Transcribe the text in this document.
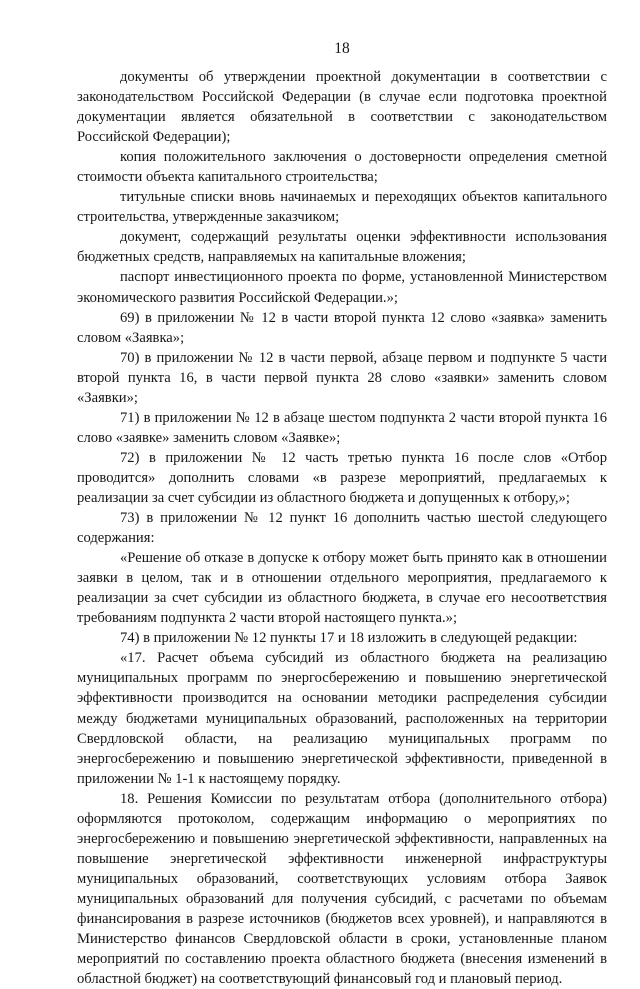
18

документы об утверждении проектной документации в соответствии с законодательством Российской Федерации (в случае если подготовка проектной документации является обязательной в соответствии с законодательством Российской Федерации);

копия положительного заключения о достоверности определения сметной стоимости объекта капитального строительства;

титульные списки вновь начинаемых и переходящих объектов капитального строительства, утвержденные заказчиком;

документ, содержащий результаты оценки эффективности использования бюджетных средств, направляемых на капитальные вложения;

паспорт инвестиционного проекта по форме, установленной Министерством экономического развития Российской Федерации.»;

69) в приложении № 12 в части второй пункта 12 слово «заявка» заменить словом «Заявка»;

70) в приложении № 12 в части первой, абзаце первом и подпункте 5 части второй пункта 16, в части первой пункта 28 слово «заявки» заменить словом «Заявки»;

71) в приложении № 12 в абзаце шестом подпункта 2 части второй пункта 16 слово «заявке» заменить словом «Заявке»;

72) в приложении № 12 часть третью пункта 16 после слов «Отбор проводится» дополнить словами «в разрезе мероприятий, предлагаемых к реализации за счет субсидии из областного бюджета и допущенных к отбору,»;

73) в приложении № 12 пункт 16 дополнить частью шестой следующего содержания:

«Решение об отказе в допуске к отбору может быть принято как в отношении заявки в целом, так и в отношении отдельного мероприятия, предлагаемого к реализации за счет субсидии из областного бюджета, в случае его несоответствия требованиям подпункта 2 части второй настоящего пункта.»;

74) в приложении № 12 пункты 17 и 18 изложить в следующей редакции:

«17. Расчет объема субсидий из областного бюджета на реализацию муниципальных программ по энергосбережению и повышению энергетической эффективности производится на основании методики распределения субсидии между бюджетами муниципальных образований, расположенных на территории Свердловской области, на реализацию муниципальных программ по энергосбережению и повышению энергетической эффективности, приведенной в приложении № 1-1 к настоящему порядку.

18. Решения Комиссии по результатам отбора (дополнительного отбора) оформляются протоколом, содержащим информацию о мероприятиях по энергосбережению и повышению энергетической эффективности, направленных на повышение энергетической эффективности инженерной инфраструктуры муниципальных образований, соответствующих условиям отбора Заявок муниципальных образований для получения субсидий, с расчетами по объемам финансирования в разрезе источников (бюджетов всех уровней), и направляются в Министерство финансов Свердловской области в сроки, установленные планом мероприятий по составлению проекта областного бюджета (внесения изменений в областной бюджет) на соответствующий финансовый год и плановый период.
